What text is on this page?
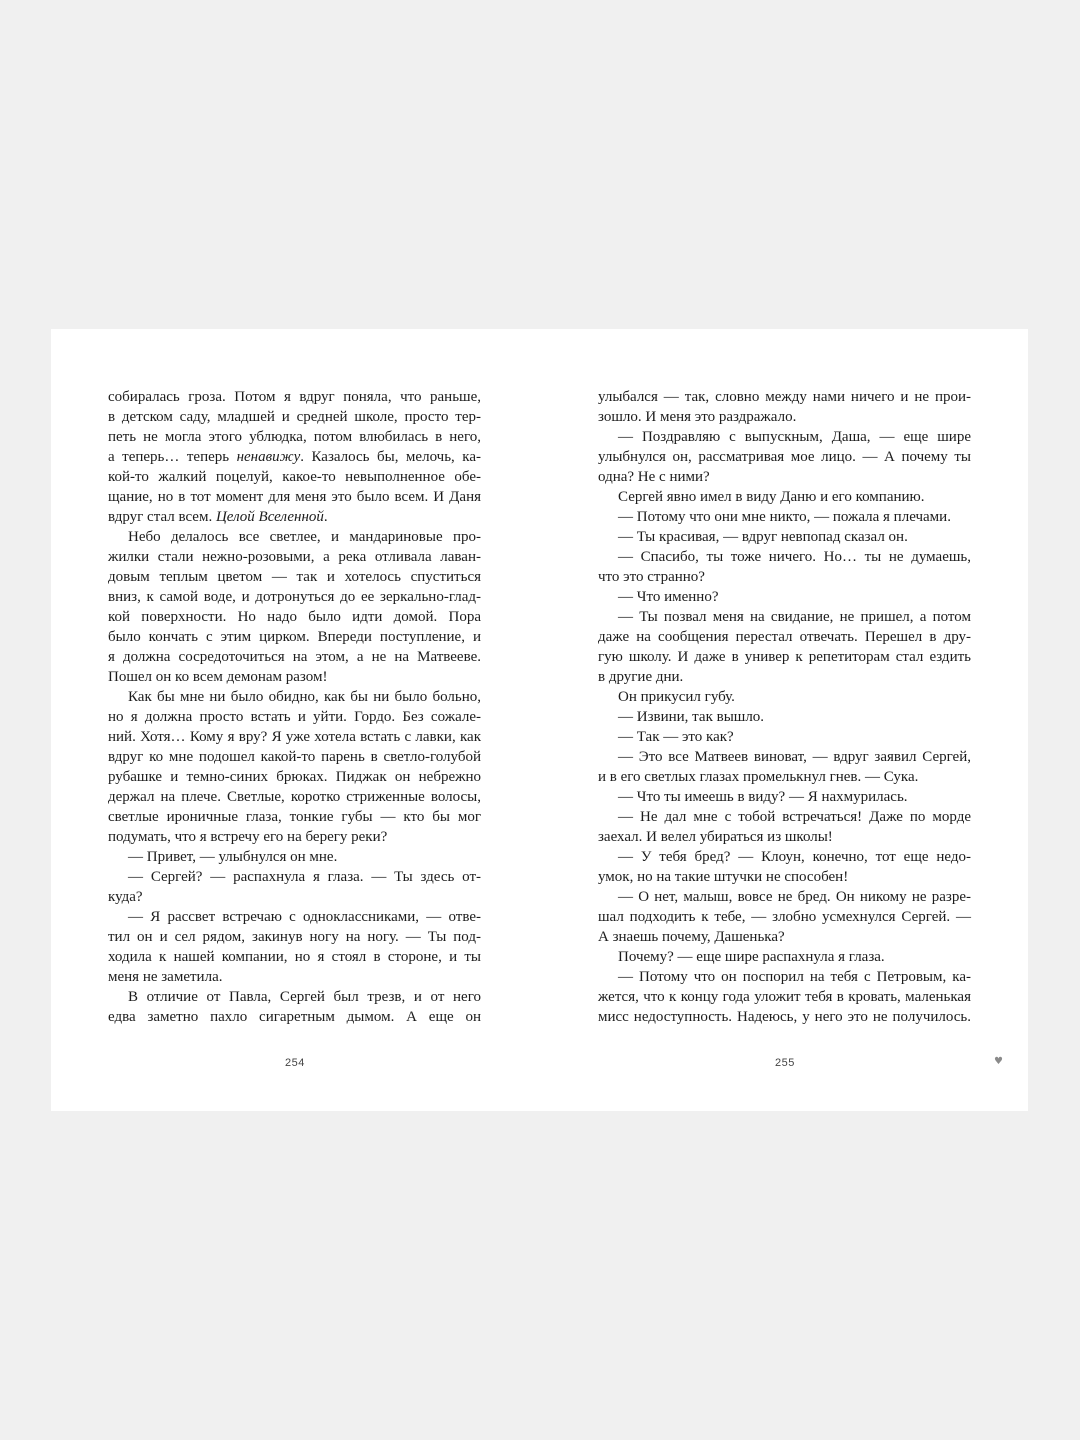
собиралась гроза. Потом я вдруг поняла, что раньше,
в детском саду, младшей и средней школе, просто тер-
петь не могла этого ублюдка, потом влюбилась в него,
а теперь… теперь ненавижу. Казалось бы, мелочь, ка-
кой-то жалкий поцелуй, какое-то невыполненное обе-
щание, но в тот момент для меня это было всем. И Даня
вдруг стал всем. Целой Вселенной.
Небо делалось все светлее, и мандариновые про-
жилки стали нежно-розовыми, а река отливала лаван-
довым теплым цветом — так и хотелось спуститься
вниз, к самой воде, и дотронуться до ее зеркально-глад-
кой поверхности. Но надо было идти домой. Пора
было кончать с этим цирком. Впереди поступление, и
я должна сосредоточиться на этом, а не на Матвееве.
Пошел он ко всем демонам разом!
Как бы мне ни было обидно, как бы ни было больно,
но я должна просто встать и уйти. Гордо. Без сожале-
ний. Хотя… Кому я вру? Я уже хотела встать с лавки, как
вдруг ко мне подошел какой-то парень в светло-голубой
рубашке и темно-синих брюках. Пиджак он небрежно
держал на плече. Светлые, коротко стриженные волосы,
светлые ироничные глаза, тонкие губы — кто бы мог
подумать, что я встречу его на берегу реки?
— Привет, — улыбнулся он мне.
— Сергей? — распахнула я глаза. — Ты здесь от-
куда?
— Я рассвет встречаю с одноклассниками, — отве-
тил он и сел рядом, закинув ногу на ногу. — Ты под-
ходила к нашей компании, но я стоял в стороне, и ты
меня не заметила.
В отличие от Павла, Сергей был трезв, и от него
едва заметно пахло сигаретным дымом. А еще он
улыбался — так, словно между нами ничего и не прои-
зошло. И меня это раздражало.
— Поздравляю с выпускным, Даша, — еще шире
улыбнулся он, рассматривая мое лицо. — А почему ты
одна? Не с ними?
Сергей явно имел в виду Даню и его компанию.
— Потому что они мне никто, — пожала я плечами.
— Ты красивая, — вдруг невпопад сказал он.
— Спасибо, ты тоже ничего. Но… ты не думаешь,
что это странно?
— Что именно?
— Ты позвал меня на свидание, не пришел, а потом
даже на сообщения перестал отвечать. Перешел в дру-
гую школу. И даже в универ к репетиторам стал ездить
в другие дни.
Он прикусил губу.
— Извини, так вышло.
— Так — это как?
— Это все Матвеев виноват, — вдруг заявил Сергей,
и в его светлых глазах промелькнул гнев. — Сука.
— Что ты имеешь в виду? — Я нахмурилась.
— Не дал мне с тобой встречаться! Даже по морде
заехал. И велел убираться из школы!
— У тебя бред? — Клоун, конечно, тот еще недо-
умок, но на такие штучки не способен!
— О нет, малыш, вовсе не бред. Он никому не разре-
шал подходить к тебе, — злобно усмехнулся Сергей. —
А знаешь почему, Дашенька?
Почему? — еще шире распахнула я глаза.
— Потому что он поспорил на тебя с Петровым, ка-
жется, что к концу года уложит тебя в кровать, маленькая
мисс недоступность. Надеюсь, у него это не получилось.
254	255	♥
